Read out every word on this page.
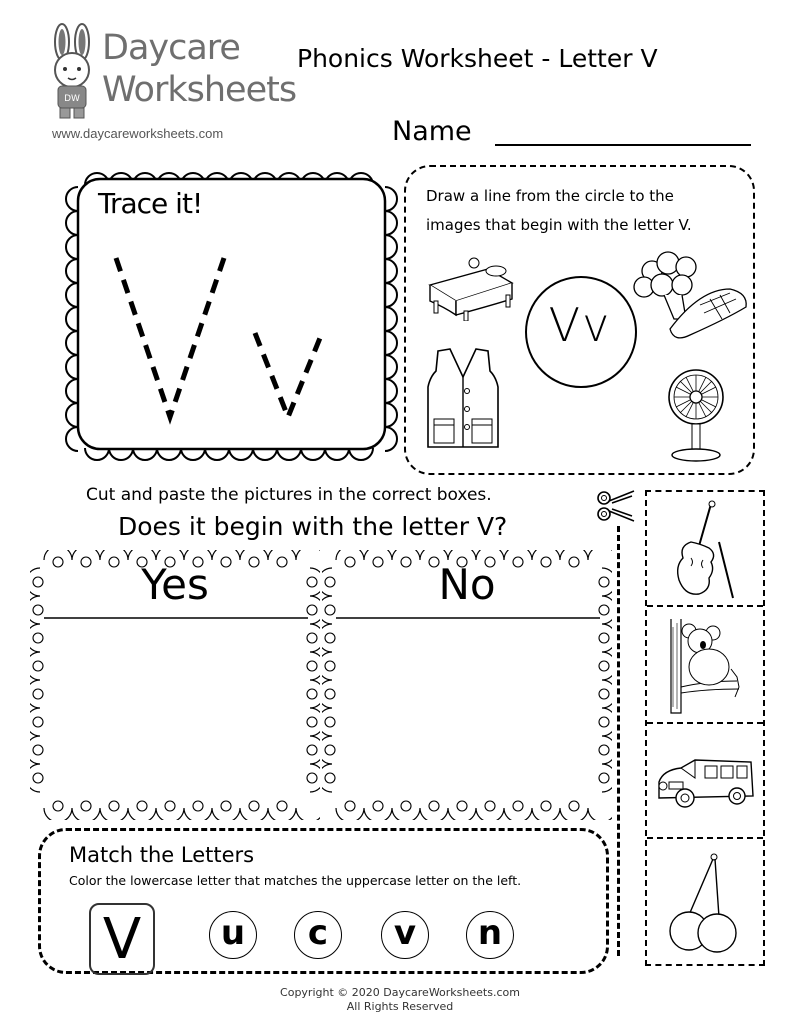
DW
Daycare
Worksheets
www.daycareworksheets.com
Phonics Worksheet - Letter V
Name
Trace it!	Draw a line from the circle to the
images that begin with the letter V.
Vv
Cut and paste the pictures in the correct boxes.
Does it begin with the letter V?
Yes	No
Match the Letters
Color the lowercase letter that matches the uppercase letter on the left.
V	u	c	v	n
Copyright © 2020 DaycareWorksheets.com
All Rights Reserved
